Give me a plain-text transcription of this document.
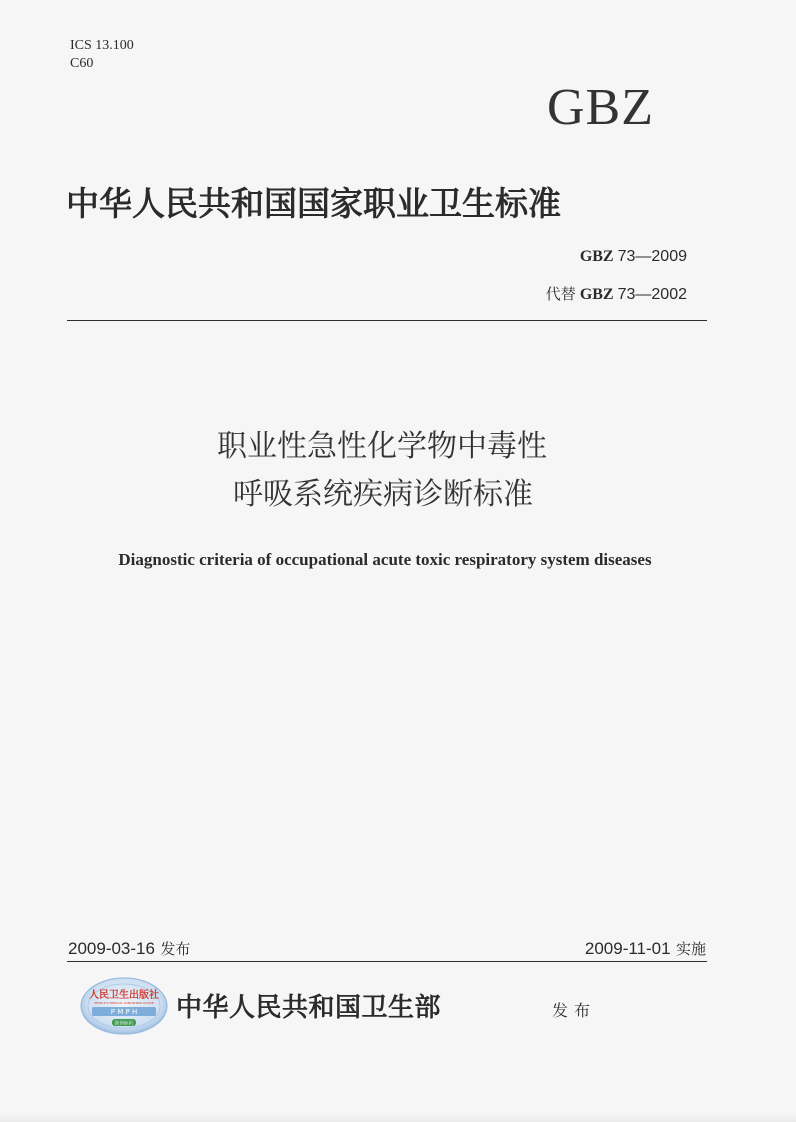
ICS 13.100
C60
GBZ
中华人民共和国国家职业卫生标准
GBZ 73—2009
代替 GBZ 73—2002
职业性急性化学物中毒性
呼吸系统疾病诊断标准
Diagnostic criteria of occupational acute toxic respiratory system diseases
2009-03-16 发布	2009-11-01 实施
人民卫生出版社
PEOPLE'S MEDICAL PUBLISHING HOUSE
P M P H
防伪标识
中华人民共和国卫生部	发布
